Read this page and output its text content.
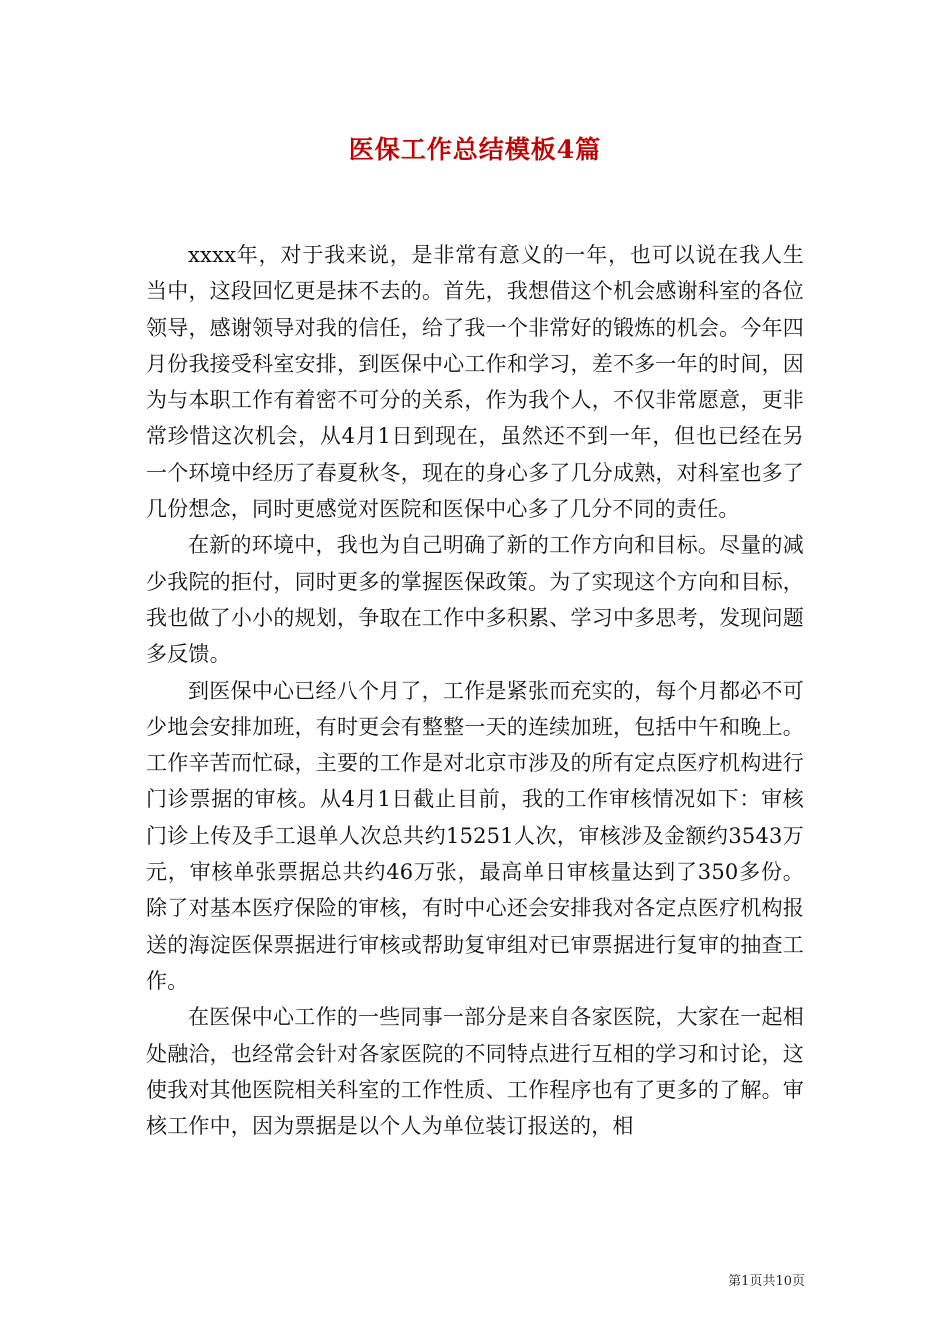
医保工作总结模板4篇

xxxx年，对于我来说，是非常有意义的一年，也可以说在我人生当中，这段回忆更是抹不去的。首先，我想借这个机会感谢科室的各位领导，感谢领导对我的信任，给了我一个非常好的锻炼的机会。今年四月份我接受科室安排，到医保中心工作和学习，差不多一年的时间，因为与本职工作有着密不可分的关系，作为我个人，不仅非常愿意，更非常珍惜这次机会，从4月1日到现在，虽然还不到一年，但也已经在另一个环境中经历了春夏秋冬，现在的身心多了几分成熟，对科室也多了几份想念，同时更感觉对医院和医保中心多了几分不同的责任。

在新的环境中，我也为自己明确了新的工作方向和目标。尽量的减少我院的拒付，同时更多的掌握医保政策。为了实现这个方向和目标，我也做了小小的规划，争取在工作中多积累、学习中多思考，发现问题多反馈。

到医保中心已经八个月了，工作是紧张而充实的，每个月都必不可少地会安排加班，有时更会有整整一天的连续加班，包括中午和晚上。工作辛苦而忙碌，主要的工作是对北京市涉及的所有定点医疗机构进行门诊票据的审核。从4月1日截止目前，我的工作审核情况如下：审核门诊上传及手工退单人次总共约15251人次，审核涉及金额约3543万元，审核单张票据总共约46万张，最高单日审核量达到了350多份。除了对基本医疗保险的审核，有时中心还会安排我对各定点医疗机构报送的海淀医保票据进行审核或帮助复审组对已审票据进行复审的抽查工作。

在医保中心工作的一些同事一部分是来自各家医院，大家在一起相处融洽，也经常会针对各家医院的不同特点进行互相的学习和讨论，这使我对其他医院相关科室的工作性质、工作程序也有了更多的了解。审核工作中，因为票据是以个人为单位装订报送的，相

第1页共10页
